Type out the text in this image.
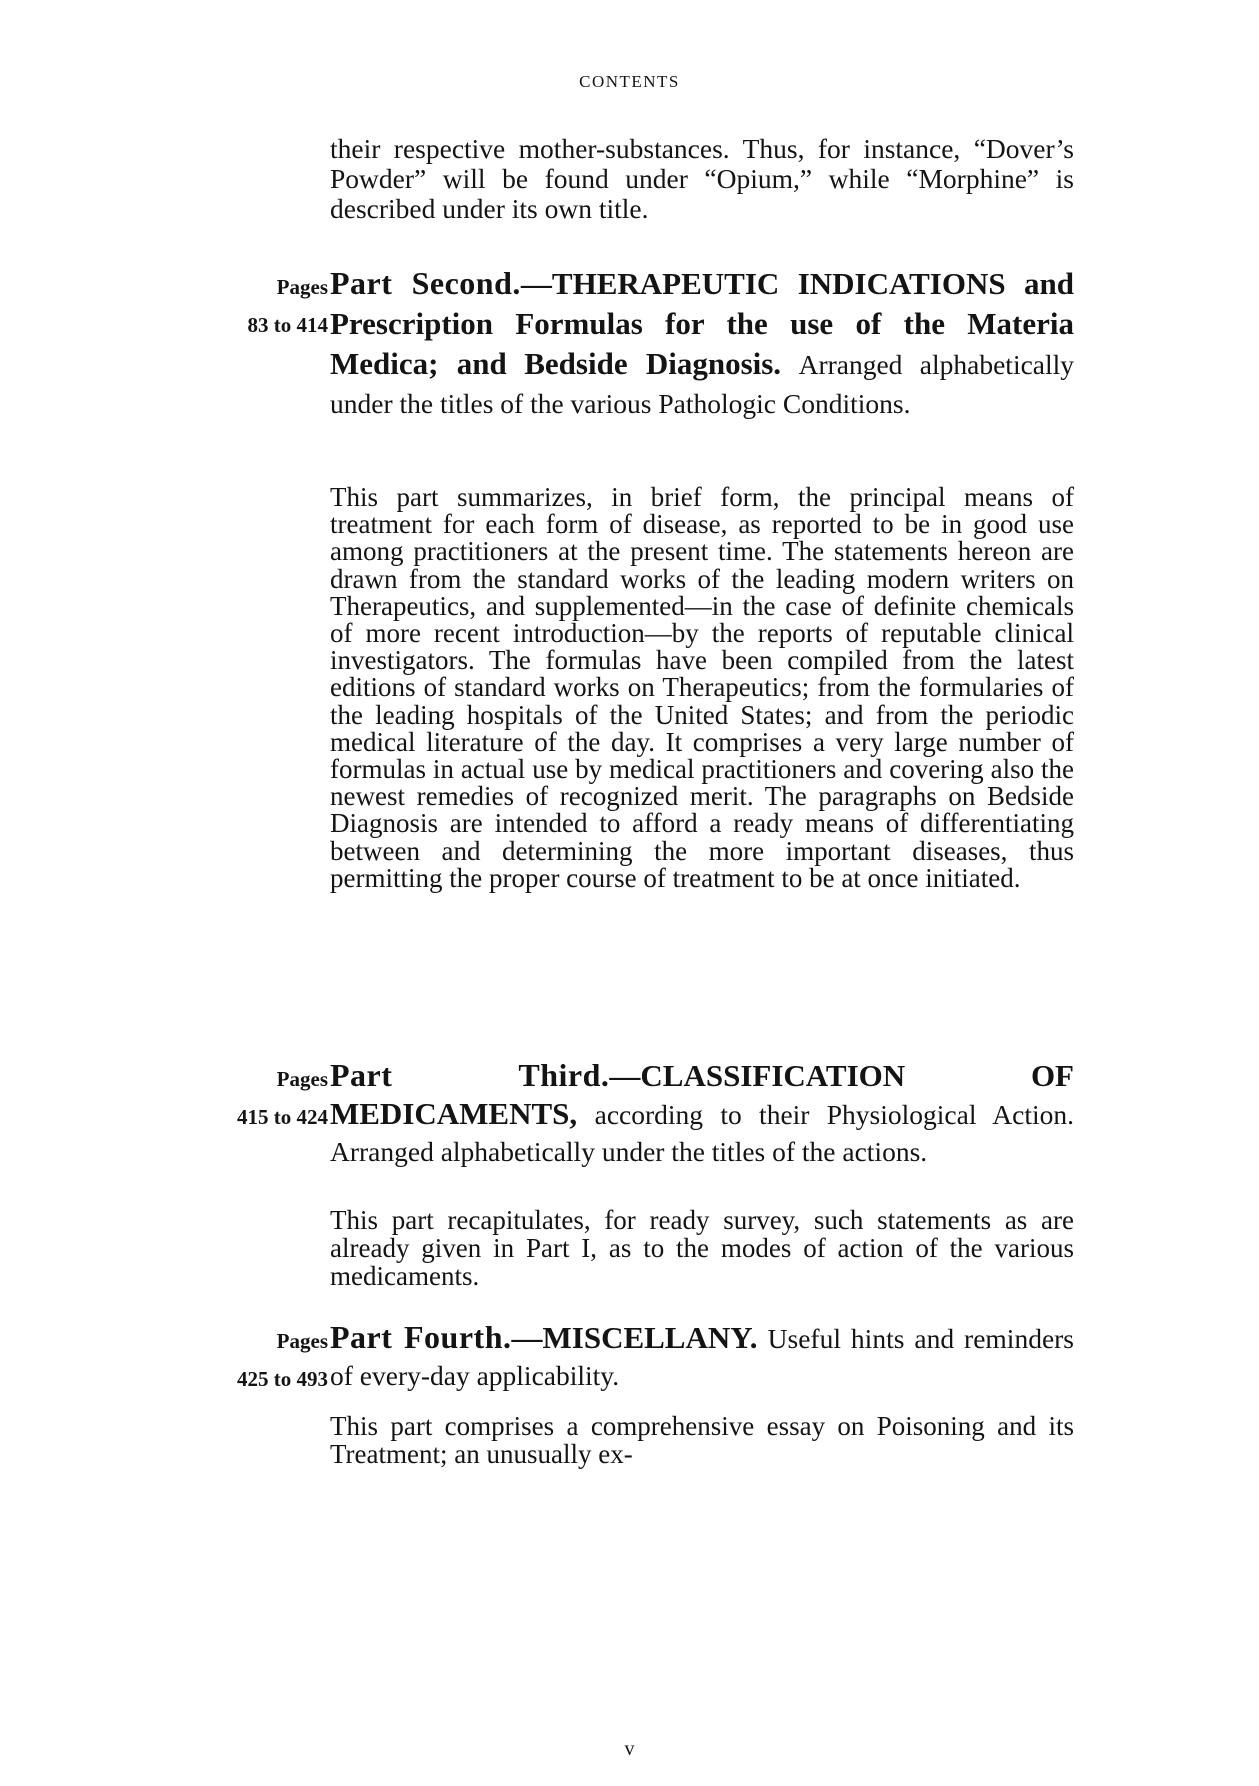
CONTENTS

their respective mother-substances. Thus, for instance, “Dover’s Powder” will be found under “Opium,” while “Morphine” is described under its own title.

Pages
83 to 414

Part Second.—THERAPEUTIC INDICATIONS and Prescription Formulas for the use of the Materia Medica; and Bedside Diagnosis. Arranged alphabetically under the titles of the various Pathologic Conditions.

This part summarizes, in brief form, the principal means of treatment for each form of disease, as reported to be in good use among practitioners at the present time. The statements hereon are drawn from the standard works of the leading modern writers on Therapeutics, and supplemented—in the case of definite chemicals of more recent introduction—by the reports of reputable clinical investigators. The formulas have been compiled from the latest editions of standard works on Therapeutics; from the formularies of the leading hospitals of the United States; and from the periodic medical literature of the day. It comprises a very large number of formulas in actual use by medical practitioners and covering also the newest remedies of recognized merit. The paragraphs on Bedside Diagnosis are intended to afford a ready means of differentiating between and determining the more important diseases, thus permitting the proper course of treatment to be at once initiated.

Pages
415 to 424

Part Third.—CLASSIFICATION OF MEDICAMENTS, according to their Physiological Action. Arranged alphabetically under the titles of the actions.

This part recapitulates, for ready survey, such statements as are already given in Part I, as to the modes of action of the various medicaments.

Pages
425 to 493

Part Fourth.—MISCELLANY. Useful hints and reminders of every-day applicability.

This part comprises a comprehensive essay on Poisoning and its Treatment; an unusually ex-

v
